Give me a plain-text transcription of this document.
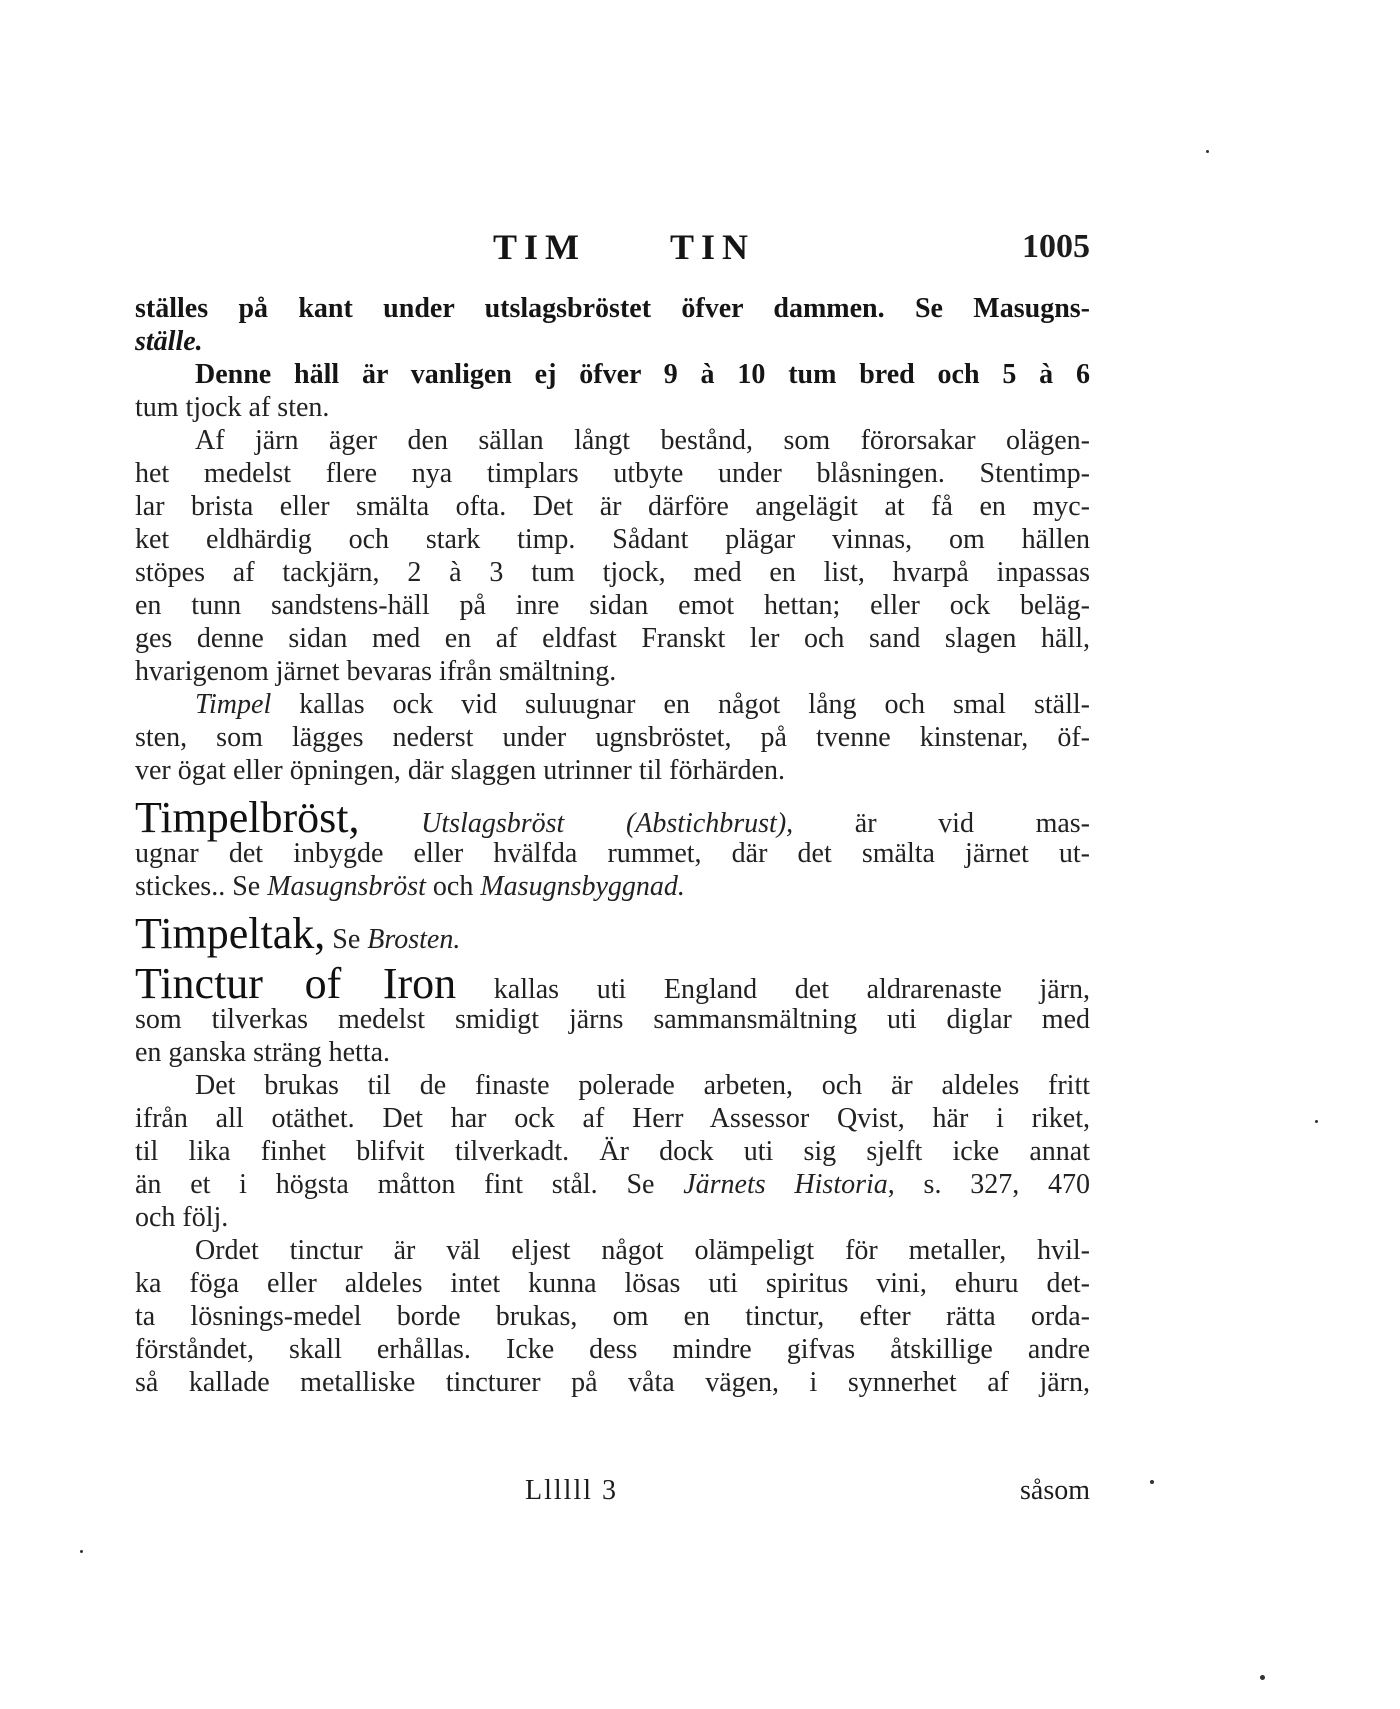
TIM TIN	1005
ställes på kant under utslagsbröstet öfver dammen. Se Masugns-
ställe.
Denne häll är vanligen ej öfver 9 à 10 tum bred och 5 à 6
tum tjock af sten.
Af järn äger den sällan långt bestånd, som förorsakar olägen-
het medelst flere nya timplars utbyte under blåsningen. Stentimp-
lar brista eller smälta ofta. Det är därföre angelägit at få en myc-
ket eldhärdig och stark timp. Sådant plägar vinnas, om hällen
stöpes af tackjärn, 2 à 3 tum tjock, med en list, hvarpå inpassas
en tunn sandstens-häll på inre sidan emot hettan; eller ock beläg-
ges denne sidan med en af eldfast Franskt ler och sand slagen häll,
hvarigenom järnet bevaras ifrån smältning.
Timpel kallas ock vid suluugnar en något lång och smal ställ-
sten, som lägges nederst under ugnsbröstet, på tvenne kinstenar, öf-
ver ögat eller öpningen, där slaggen utrinner til förhärden.
Timpelbröst, Utslagsbröst (Abstichbrust), är vid mas-
ugnar det inbygde eller hvälfda rummet, där det smälta järnet ut-
stickes.. Se Masugnsbröst och Masugnsbyggnad.
Timpeltak, Se Brosten.
Tinctur of Iron kallas uti England det aldrarenaste järn,
som tilverkas medelst smidigt järns sammansmältning uti diglar med
en ganska sträng hetta.
Det brukas til de finaste polerade arbeten, och är aldeles fritt
ifrån all otäthet. Det har ock af Herr Assessor Qvist, här i riket,
til lika finhet blifvit tilverkadt. Är dock uti sig sjelft icke annat
än et i högsta måtton fint stål. Se Järnets Historia, s. 327, 470
och följ.
Ordet tinctur är väl eljest något olämpeligt för metaller, hvil-
ka föga eller aldeles intet kunna lösas uti spiritus vini, ehuru det-
ta lösnings-medel borde brukas, om en tinctur, efter rätta orda-
förståndet, skall erhållas. Icke dess mindre gifvas åtskillige andre
så kallade metalliske tincturer på våta vägen, i synnerhet af järn,
Llllll 3	såsom
